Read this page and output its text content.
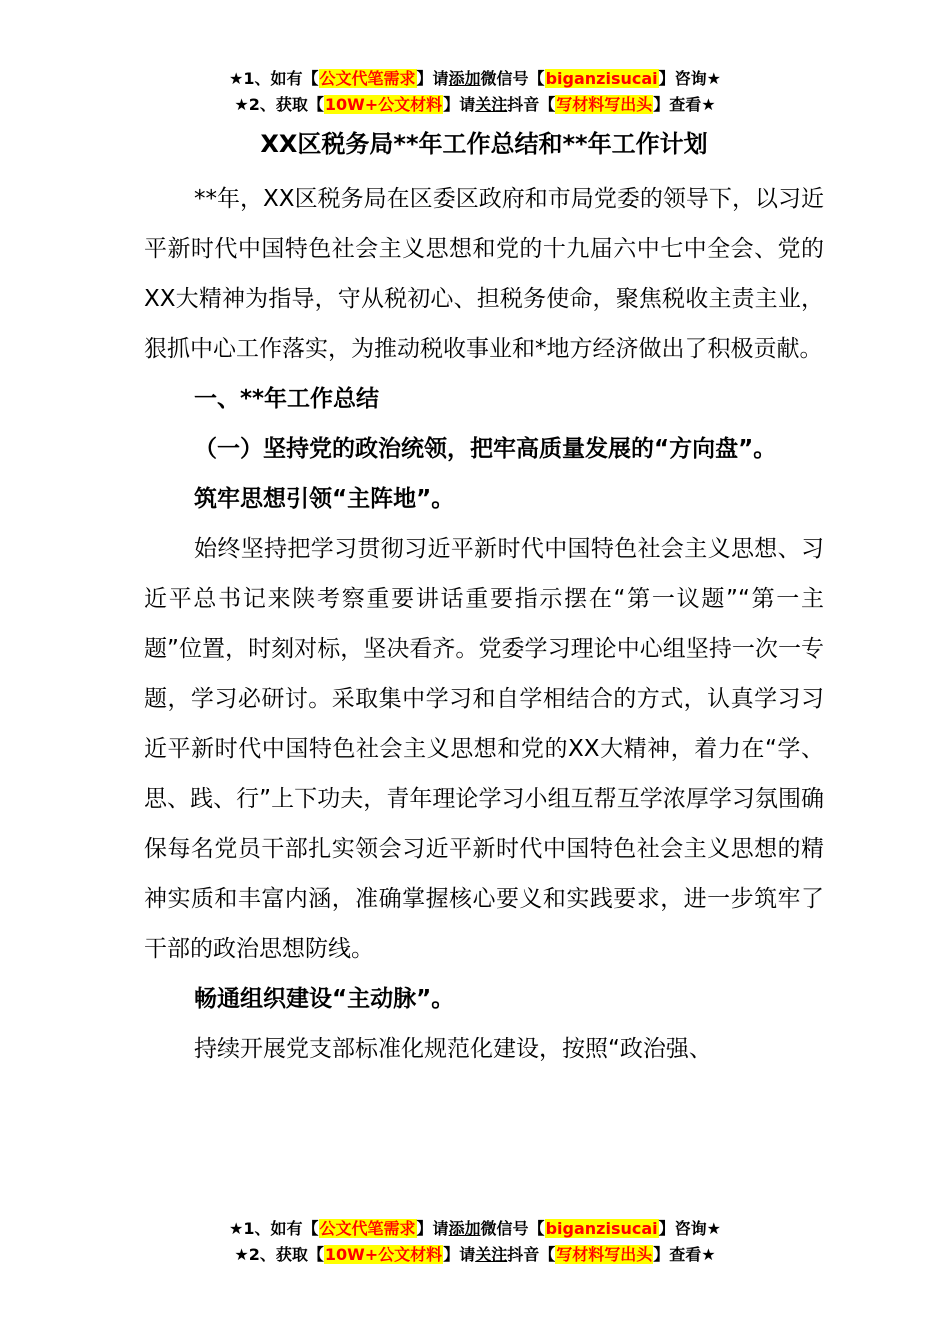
★1、如有【公文代笔需求】请添加微信号【biganzisucai】咨询★
★2、获取【10W+公文材料】请关注抖音【写材料写出头】查看★
XX区税务局**年工作总结和**年工作计划

**年，XX区税务局在区委区政府和市局党委的领导下，以习近平新时代中国特色社会主义思想和党的十九届六中七中全会、党的XX大精神为指导，守从税初心、担税务使命，聚焦税收主责主业，狠抓中心工作落实，为推动税收事业和*地方经济做出了积极贡献。

一、**年工作总结

（一）坚持党的政治统领，把牢高质量发展的“方向盘”。

筑牢思想引领“主阵地”。

始终坚持把学习贯彻习近平新时代中国特色社会主义思想、习近平总书记来陕考察重要讲话重要指示摆在“第一议题”“第一主题”位置，时刻对标，坚决看齐。党委学习理论中心组坚持一次一专题，学习必研讨。采取集中学习和自学相结合的方式，认真学习习近平新时代中国特色社会主义思想和党的XX大精神，着力在“学、思、践、行”上下功夫，青年理论学习小组互帮互学浓厚学习氛围确保每名党员干部扎实领会习近平新时代中国特色社会主义思想的精神实质和丰富内涵，准确掌握核心要义和实践要求，进一步筑牢了干部的政治思想防线。

畅通组织建设“主动脉”。

持续开展党支部标准化规范化建设，按照“政治强、

★1、如有【公文代笔需求】请添加微信号【biganzisucai】咨询★
★2、获取【10W+公文材料】请关注抖音【写材料写出头】查看★
